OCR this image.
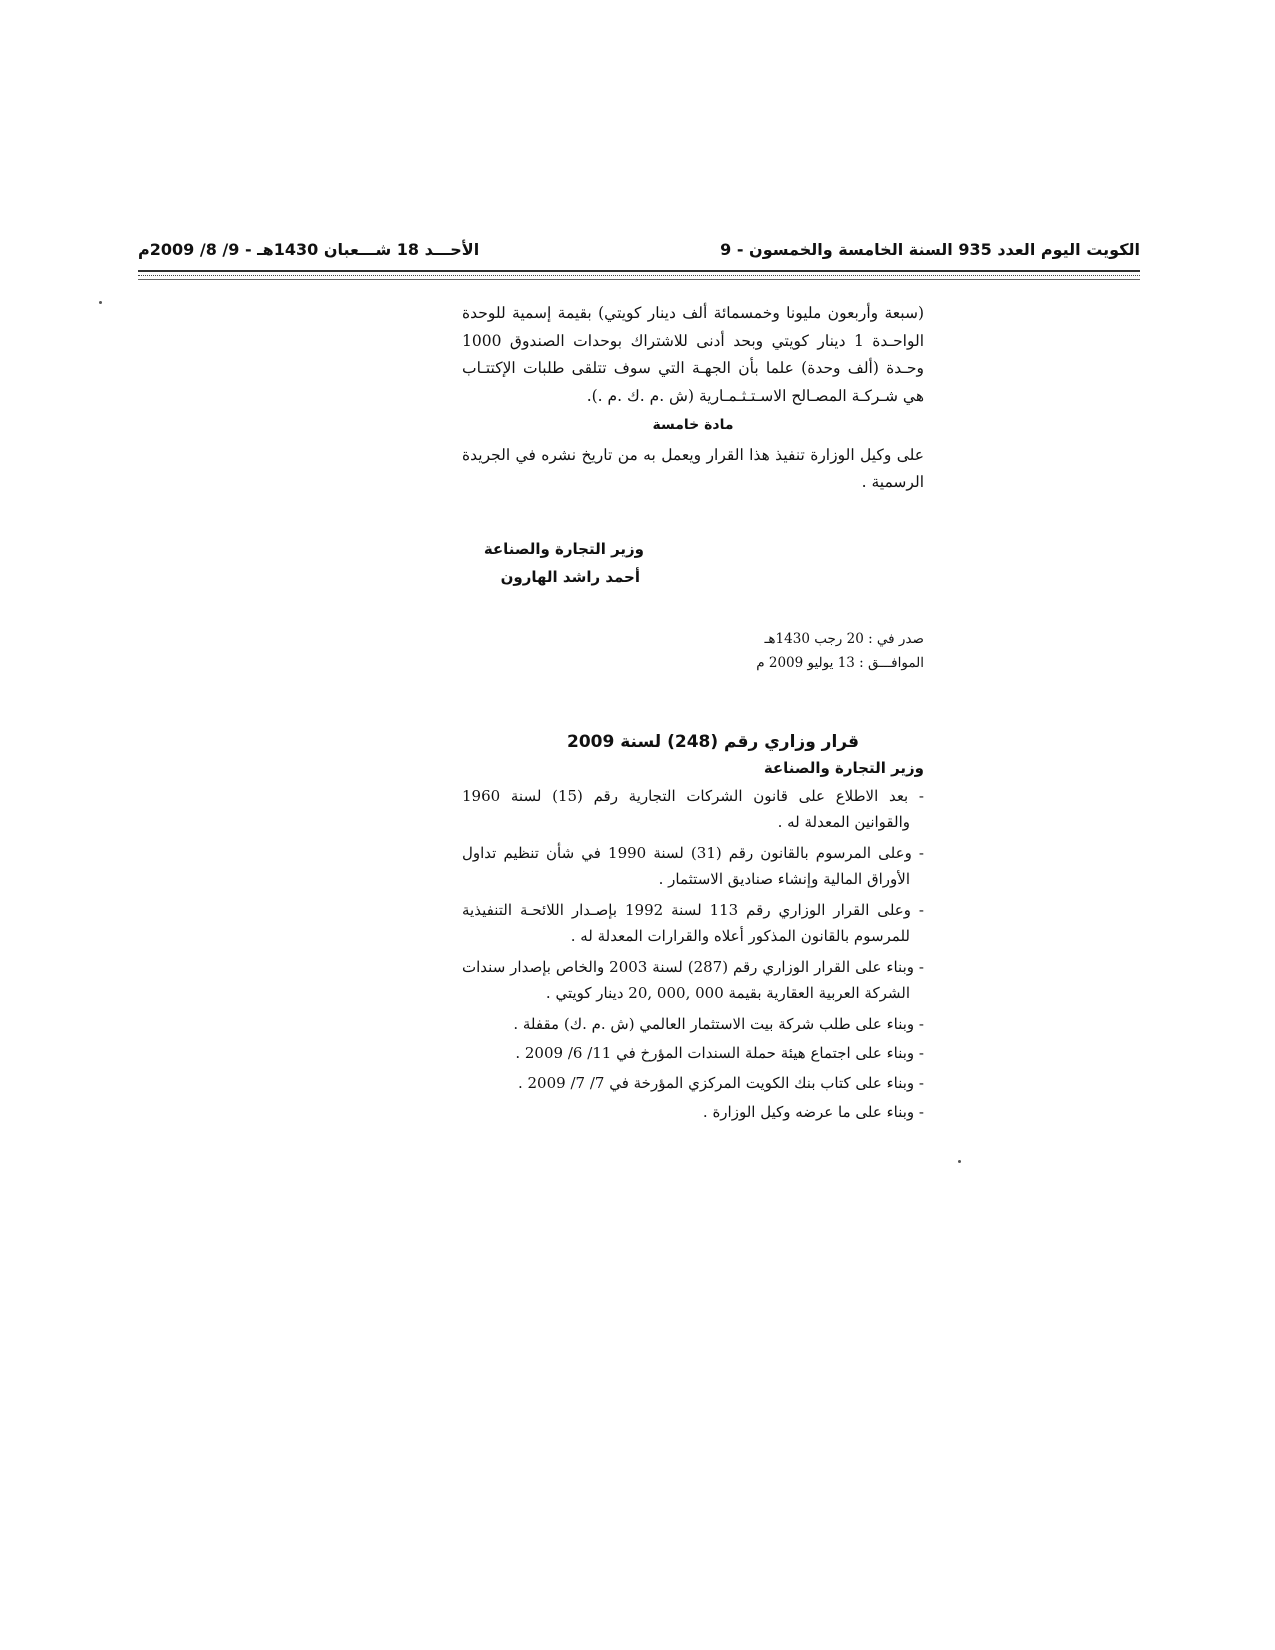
الكويت اليوم العدد 935 السنة الخامسة والخمسون - 9
الأحـــد 18 شـــعبان 1430هـ - 9/ 8/ 2009م

(سبعة وأربعون مليونا وخمسمائة ألف دينار كويتي) بقيمة إسمية للوحدة الواحـدة 1 دينار كويتي وبحد أدنى للاشتراك بوحدات الصندوق 1000 وحـدة (ألف وحدة) علما بأن الجهـة التي سوف تتلقى طلبات الإكتتـاب هي شـركـة المصـالح الاسـتـثـمـارية (ش .م .ك .م .).

مادة خامسة

على وكيل الوزارة تنفيذ هذا القرار ويعمل به من تاريخ نشره في الجريدة الرسمية .

وزير التجارة والصناعة
أحمد راشد الهارون
صدر في : 20 رجب 1430هـ
الموافـــق : 13 يوليو 2009 م
قرار وزاري رقم (248) لسنة 2009
وزير التجارة والصناعة

- بعد الاطلاع على قانون الشركات التجارية رقم (15) لسنة 1960 والقوانين المعدلة له .

- وعلى المرسوم بالقانون رقم (31) لسنة 1990 في شأن تنظيم تداول الأوراق المالية وإنشاء صناديق الاستثمار .

- وعلى القرار الوزاري رقم 113 لسنة 1992 بإصـدار اللائحـة التنفيذية للمرسوم بالقانون المذكور أعلاه والقرارات المعدلة له .

- وبناء على القرار الوزاري رقم (287) لسنة 2003 والخاص بإصدار سندات الشركة العربية العقارية بقيمة 000 ,000 ,20 دينار كويتي .

- وبناء على طلب شركة بيت الاستثمار العالمي (ش .م .ك) مقفلة .

- وبناء على اجتماع هيئة حملة السندات المؤرخ في 11/ 6/ 2009 .

- وبناء على كتاب بنك الكويت المركزي المؤرخة في 7/ 7/ 2009 .

- وبناء على ما عرضه وكيل الوزارة .
